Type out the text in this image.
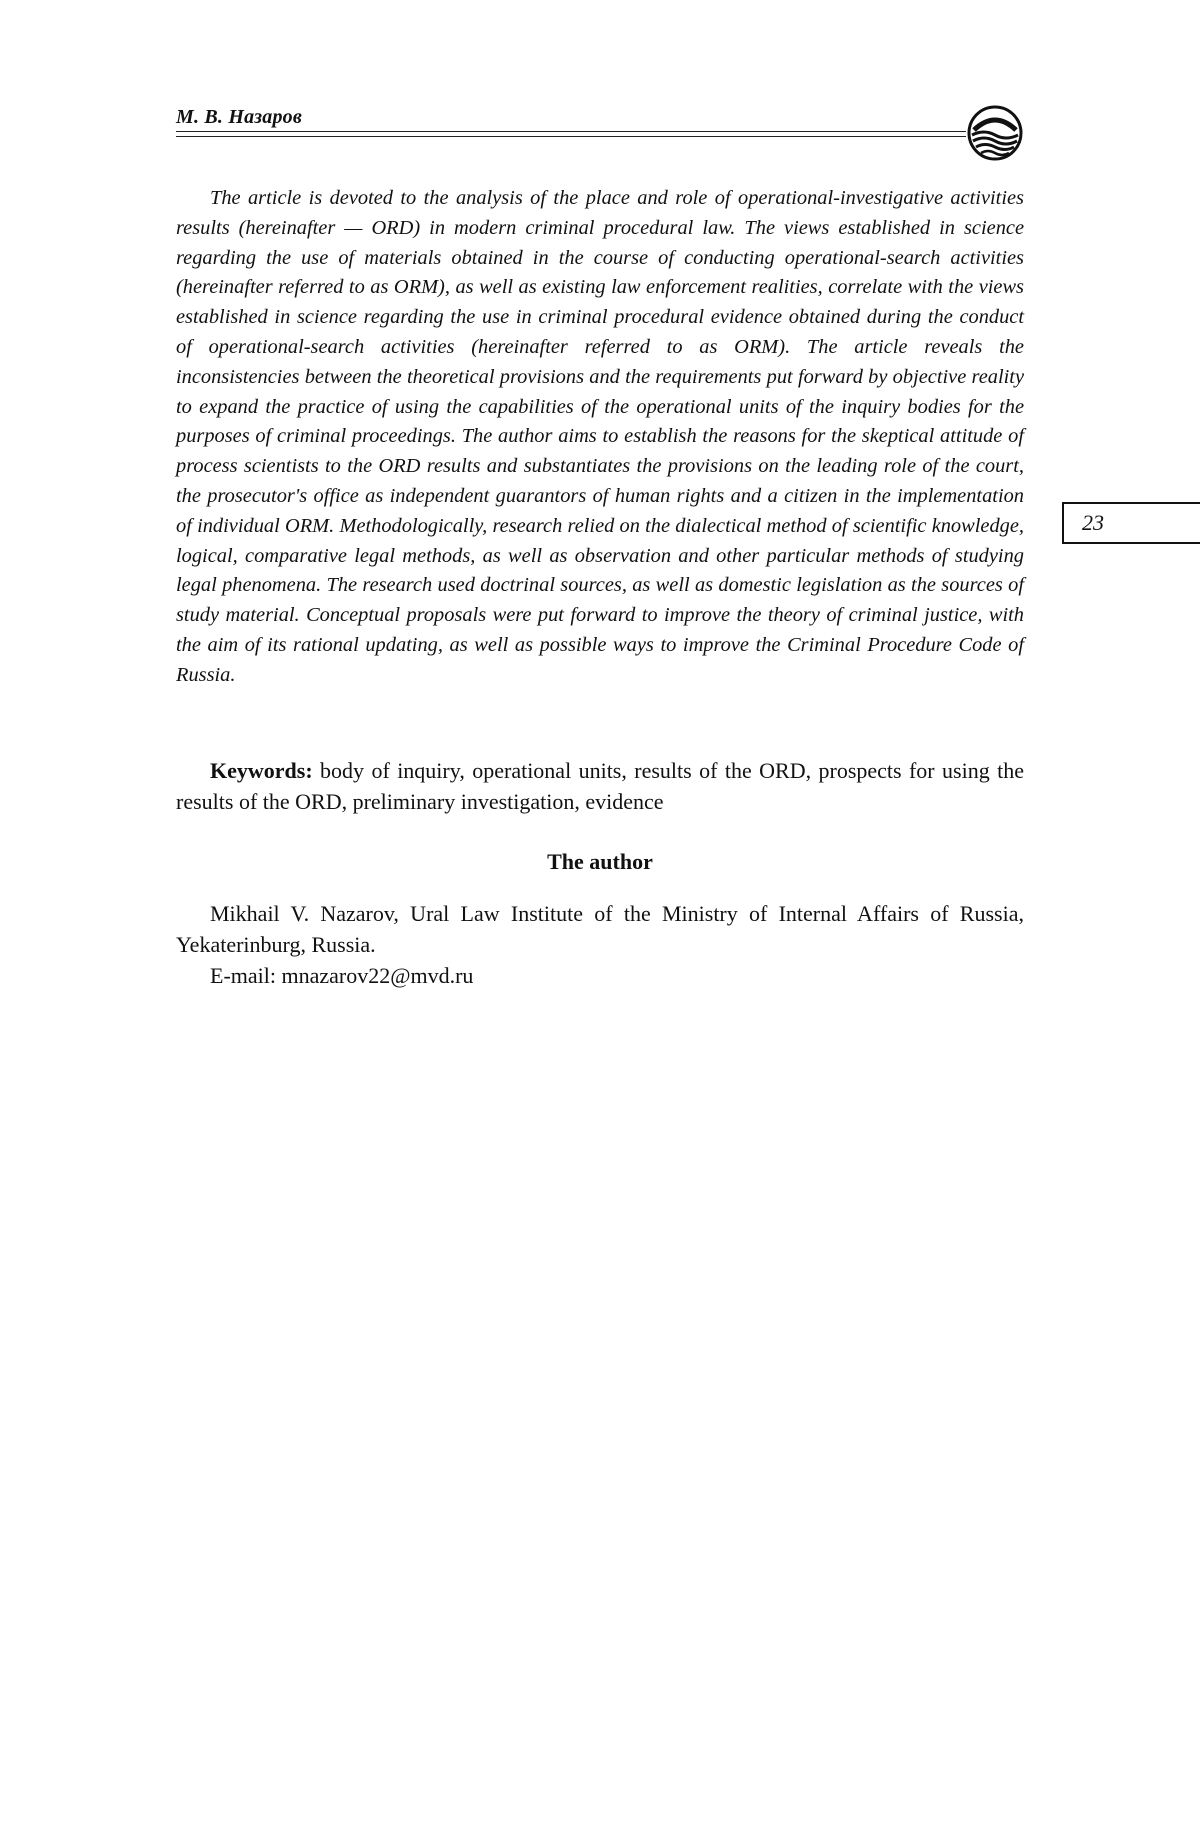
М. В. Назаров

The article is devoted to the analysis of the place and role of operational-investigative activities results (hereinafter — ORD) in modern criminal procedural law. The views established in science regarding the use of materials obtained in the course of conducting operational-search activities (hereinafter referred to as ORM), as well as existing law enforcement realities, correlate with the views established in science regarding the use in criminal procedural evidence obtained during the conduct of operational-search activities (hereinafter referred to as ORM). The article reveals the inconsistencies between the theoretical provisions and the requirements put forward by objective reality to expand the practice of using the capabilities of the operational units of the inquiry bodies for the purposes of criminal proceedings. The author aims to establish the reasons for the skeptical attitude of process scientists to the ORD results and substantiates the provisions on the leading role of the court, the prosecutor's office as independent guarantors of human rights and a citizen in the implementation of individual ORM. Methodologically, research relied on the dialectical method of scientific knowledge, logical, comparative legal methods, as well as observation and other particular methods of studying legal phenomena. The research used doctrinal sources, as well as domestic legislation as the sources of study material. Conceptual proposals were put forward to improve the theory of criminal justice, with the aim of its rational updating, as well as possible ways to improve the Criminal Procedure Code of Russia.

23

Keywords: body of inquiry, operational units, results of the ORD, prospects for using the results of the ORD, preliminary investigation, evidence

The author

Mikhail V. Nazarov, Ural Law Institute of the Ministry of Internal Affairs of Russia, Yekaterinburg, Russia.

E-mail: mnazarov22@mvd.ru
